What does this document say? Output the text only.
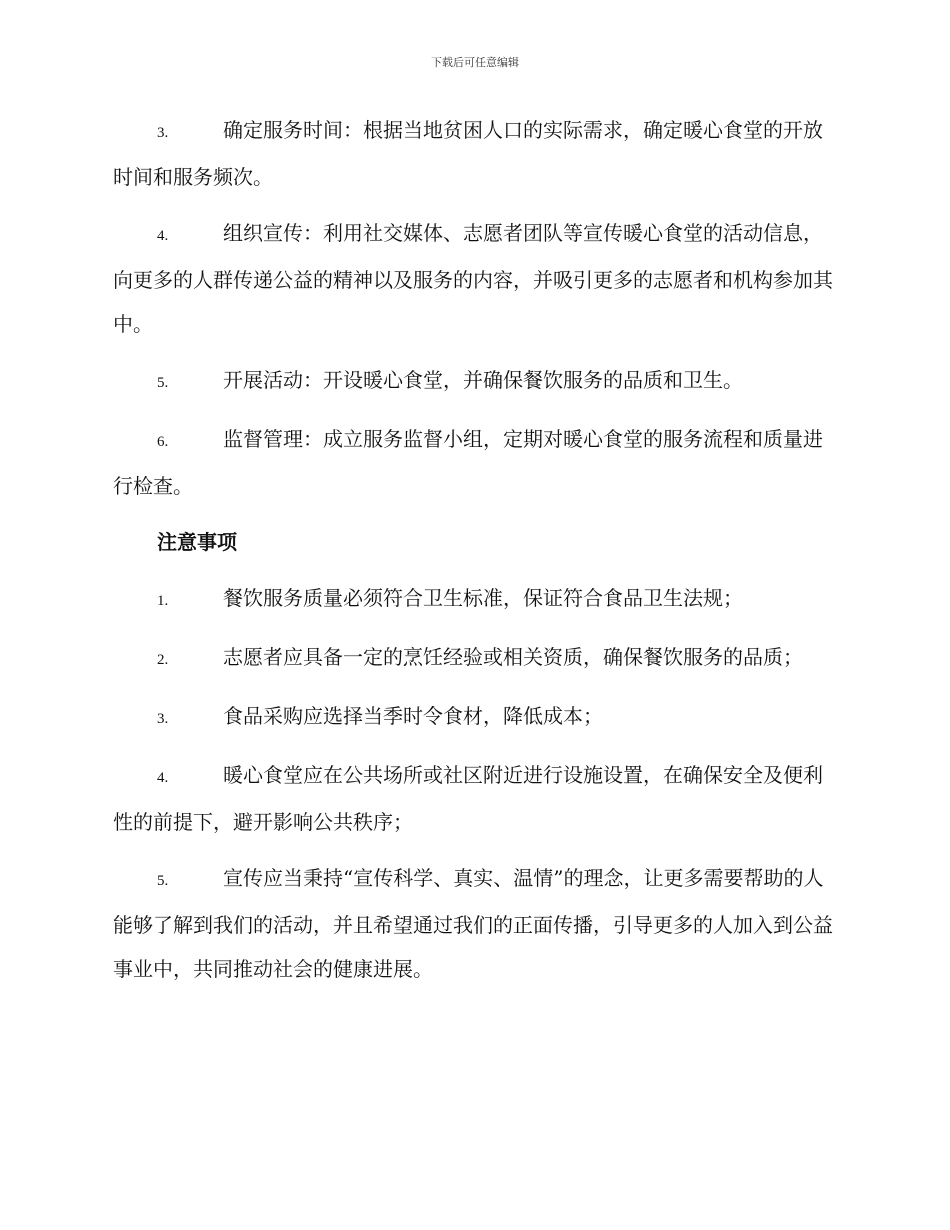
下载后可任意编辑

3.	确定服务时间：根据当地贫困人口的实际需求，确定暖心食堂的开放时间和服务频次。

4.	组织宣传：利用社交媒体、志愿者团队等宣传暖心食堂的活动信息，向更多的人群传递公益的精神以及服务的内容，并吸引更多的志愿者和机构参加其中。

5.	开展活动：开设暖心食堂，并确保餐饮服务的品质和卫生。

6.	监督管理：成立服务监督小组，定期对暖心食堂的服务流程和质量进行检查。

注意事项

1.	餐饮服务质量必须符合卫生标准，保证符合食品卫生法规；

2.	志愿者应具备一定的烹饪经验或相关资质，确保餐饮服务的品质；

3.	食品采购应选择当季时令食材，降低成本；

4.	暖心食堂应在公共场所或社区附近进行设施设置，在确保安全及便利性的前提下，避开影响公共秩序；

5.	宣传应当秉持“宣传科学、真实、温情”的理念，让更多需要帮助的人能够了解到我们的活动，并且希望通过我们的正面传播，引导更多的人加入到公益事业中，共同推动社会的健康进展。
